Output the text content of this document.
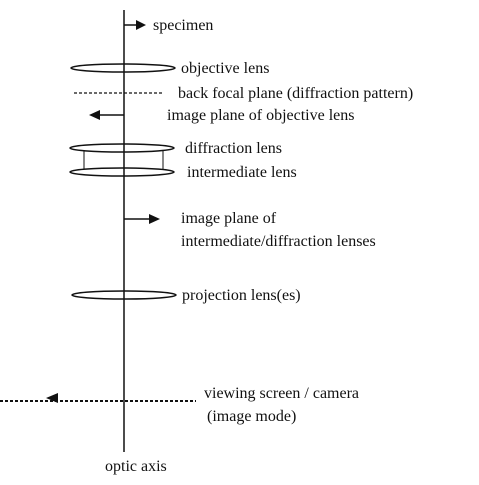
specimen
objective lens
back focal plane (diffraction pattern)
image plane of objective lens
diffraction lens
intermediate lens
image plane of
intermediate/diffraction lenses
projection lens(es)
viewing screen / camera
(image mode)
optic axis
